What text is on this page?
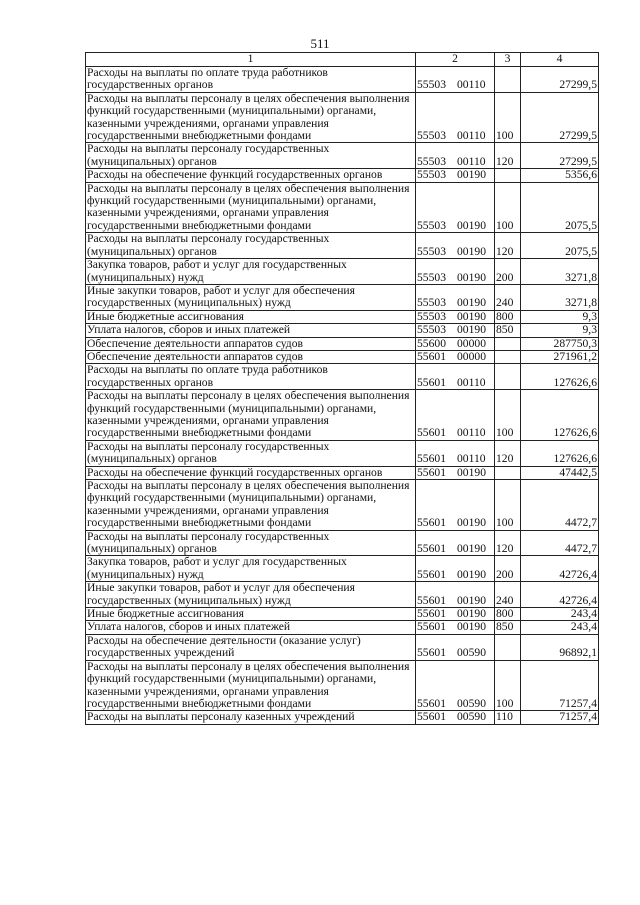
511
1	2	3	4
Расходы на выплаты по оплате труда работников государственных органов	55503 00110		27299,5
Расходы на выплаты персоналу в целях обеспечения выполнения функций государственными (муниципальными) органами, казенными учреждениями, органами управления государственными внебюджетными фондами	55503 00110	100	27299,5
Расходы на выплаты персоналу государственных (муниципальных) органов	55503 00110	120	27299,5
Расходы на обеспечение функций государственных органов	55503 00190		5356,6
Расходы на выплаты персоналу в целях обеспечения выполнения функций государственными (муниципальными) органами, казенными учреждениями, органами управления государственными внебюджетными фондами	55503 00190	100	2075,5
Расходы на выплаты персоналу государственных (муниципальных) органов	55503 00190	120	2075,5
Закупка товаров, работ и услуг для государственных (муниципальных) нужд	55503 00190	200	3271,8
Иные закупки товаров, работ и услуг для обеспечения государственных (муниципальных) нужд	55503 00190	240	3271,8
Иные бюджетные ассигнования	55503 00190	800	9,3
Уплата налогов, сборов и иных платежей	55503 00190	850	9,3
Обеспечение деятельности аппаратов судов	55600 00000		287750,3
Обеспечение деятельности аппаратов судов	55601 00000		271961,2
Расходы на выплаты по оплате труда работников государственных органов	55601 00110		127626,6
Расходы на выплаты персоналу в целях обеспечения выполнения функций государственными (муниципальными) органами, казенными учреждениями, органами управления государственными внебюджетными фондами	55601 00110	100	127626,6
Расходы на выплаты персоналу государственных (муниципальных) органов	55601 00110	120	127626,6
Расходы на обеспечение функций государственных органов	55601 00190		47442,5
Расходы на выплаты персоналу в целях обеспечения выполнения функций государственными (муниципальными) органами, казенными учреждениями, органами управления государственными внебюджетными фондами	55601 00190	100	4472,7
Расходы на выплаты персоналу государственных (муниципальных) органов	55601 00190	120	4472,7
Закупка товаров, работ и услуг для государственных (муниципальных) нужд	55601 00190	200	42726,4
Иные закупки товаров, работ и услуг для обеспечения государственных (муниципальных) нужд	55601 00190	240	42726,4
Иные бюджетные ассигнования	55601 00190	800	243,4
Уплата налогов, сборов и иных платежей	55601 00190	850	243,4
Расходы на обеспечение деятельности (оказание услуг) государственных учреждений	55601 00590		96892,1
Расходы на выплаты персоналу в целях обеспечения выполнения функций государственными (муниципальными) органами, казенными учреждениями, органами управления государственными внебюджетными фондами	55601 00590	100	71257,4
Расходы на выплаты персоналу казенных учреждений	55601 00590	110	71257,4
